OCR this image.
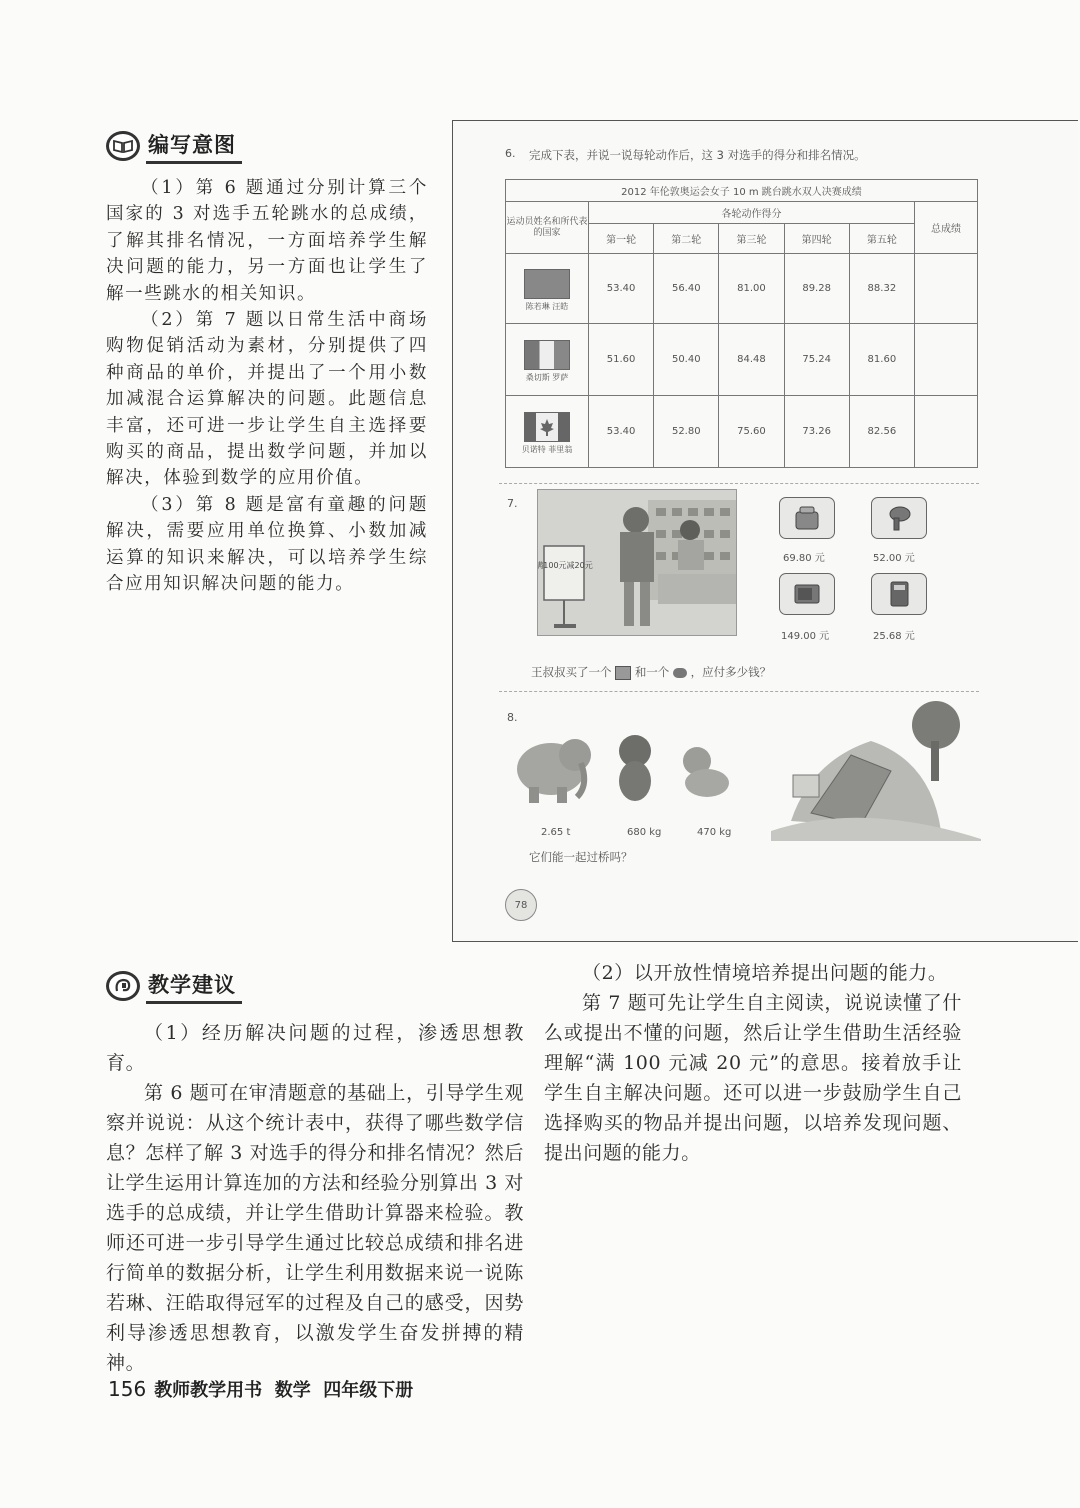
编写意图

（1）第 6 题通过分别计算三个国家的 3 对选手五轮跳水的总成绩，了解其排名情况，一方面培养学生解决问题的能力，另一方面也让学生了解一些跳水的相关知识。

（2）第 7 题以日常生活中商场购物促销活动为素材，分别提供了四种商品的单价，并提出了一个用小数加减混合运算解决的问题。此题信息丰富，还可进一步让学生自主选择要购买的商品，提出数学问题，并加以解决，体验到数学的应用价值。

（3）第 8 题是富有童趣的问题解决，需要应用单位换算、小数加减运算的知识来解决，可以培养学生综合应用知识解决问题的能力。

6. 完成下表，并说一说每轮动作后，这 3 对选手的得分和排名情况。
2012 年伦敦奥运会女子 10 m 跳台跳水双人决赛成绩						
运动员姓名和所代表的国家	各轮动作得分					总成绩
	第一轮	第二轮	第三轮	第四轮	第五轮	

陈若琳 汪皓	53.40	56.40	81.00	89.28	88.32	

桑切斯 罗萨	51.60	50.40	84.48	75.24	81.60	

贝诺特 菲里翁	53.40	52.80	75.60	73.26	82.56	
7.
满100元减20元
69.80 元	52.00 元
149.00 元	25.68 元
王叔叔买了一个 和一个 ，应付多少钱？
8.
2.65 t	680 kg	470 kg
它们能一起过桥吗？
78
教学建议

（1）经历解决问题的过程，渗透思想教育。

第 6 题可在审清题意的基础上，引导学生观察并说说：从这个统计表中，获得了哪些数学信息？怎样了解 3 对选手的得分和排名情况？然后让学生运用计算连加的方法和经验分别算出 3 对选手的总成绩，并让学生借助计算器来检验。教师还可进一步引导学生通过比较总成绩和排名进行简单的数据分析，让学生利用数据来说一说陈若琳、汪皓取得冠军的过程及自己的感受，因势利导渗透思想教育，以激发学生奋发拼搏的精神。

（2）以开放性情境培养提出问题的能力。

第 7 题可先让学生自主阅读，说说读懂了什么或提出不懂的问题，然后让学生借助生活经验理解“满 100 元减 20 元”的意思。接着放手让学生自主解决问题。还可以进一步鼓励学生自己选择购买的物品并提出问题，以培养发现问题、提出问题的能力。

156 教师教学用书  数学  四年级下册
